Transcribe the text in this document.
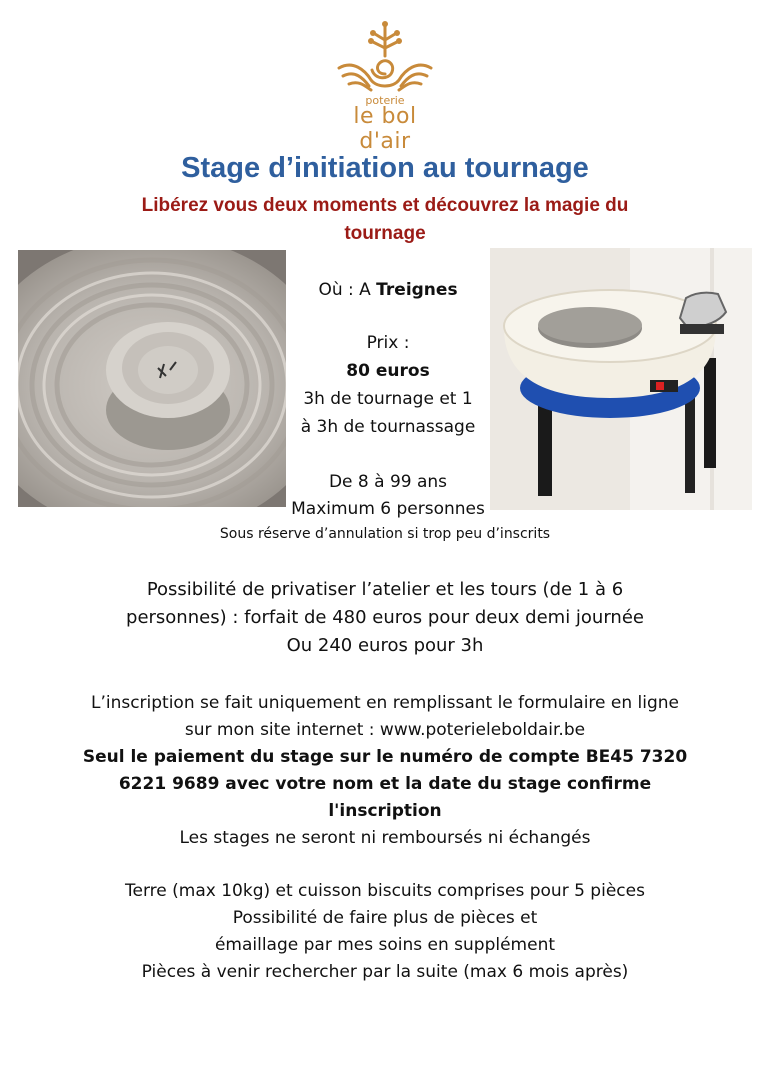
poterie
le bol d'air
Stage d’initiation au tournage
Libérez vous deux moments et découvrez la magie du
tournage
Où : A Treignes
Prix :
80 euros
3h de tournage et 1
à 3h de tournassage
De 8 à 99 ans
Maximum 6 personnes
Sous réserve d’annulation si trop peu d’inscrits
Possibilité de privatiser l’atelier et les tours (de 1 à 6
personnes) : forfait de 480 euros pour deux demi journée
Ou 240 euros pour 3h
L’inscription se fait uniquement en remplissant le formulaire en ligne
sur mon site internet : www.poterieleboldair.be
Seul le paiement du stage sur le numéro de compte BE45 7320
6221 9689 avec votre nom et la date du stage confirme
l'inscription
Les stages ne seront ni remboursés ni échangés
Terre (max 10kg) et cuisson biscuits comprises pour 5 pièces
Possibilité de faire plus de pièces et
émaillage par mes soins en supplément
Pièces à venir rechercher par la suite (max 6 mois après)
